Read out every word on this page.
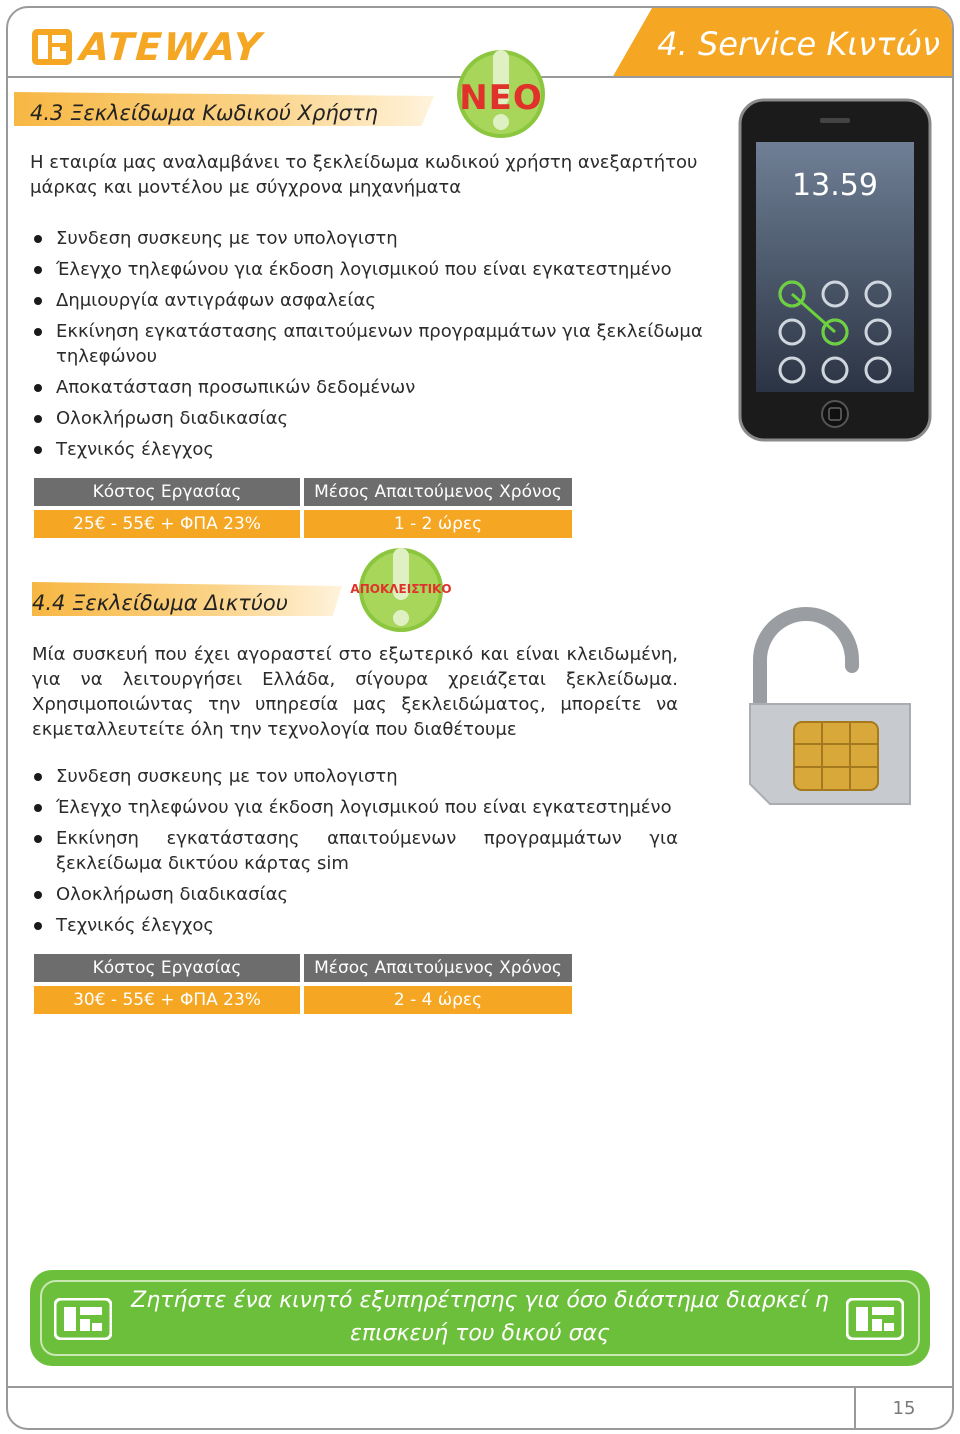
ATEWAY	4. Service Κιντών
4.3 Ξεκλείδωμα Κωδικού Χρήστη	ΝΕΟ
Η εταιρία μας αναλαμβάνει το ξεκλείδωμα κωδικού χρήστη ανεξαρτήτου μάρκας και μοντέλου με σύγχρονα μηχανήματα
Συνδεση συσκευης με τον υπολογιστη
Έλεγχο τηλεφώνου για έκδοση λογισμικού που είναι εγκατεστημένο
Δημιουργία αντιγράφων ασφαλείας
Εκκίνηση εγκατάστασης απαιτούμενων προγραμμάτων για ξεκλείδωμα τηλεφώνου
Αποκατάσταση προσωπικών δεδομένων
Ολοκλήρωση διαδικασίας
Τεχνικός έλεγχος
Κόστος Εργασίας	Μέσος Απαιτούμενος Χρόνος
25€ - 55€ + ΦΠΑ 23%	1 - 2 ώρες
13.59
4.4 Ξεκλείδωμα Δικτύου
ΑΠΟΚΛΕΙΣΤΙΚΟ
Μία συσκευή που έχει αγοραστεί στο εξωτερικό και είναι κλειδωμένη, για να λειτουργήσει Ελλάδα, σίγουρα χρειάζεται ξεκλείδωμα. Χρησιμοποιώντας την υπηρεσία μας ξεκλειδώματος, μπορείτε να εκμεταλλευτείτε όλη την τεχνολογία που διαθέτουμε
Συνδεση συσκευης με τον υπολογιστη
Έλεγχο τηλεφώνου για έκδοση λογισμικού που είναι εγκατεστημένο
Εκκίνηση εγκατάστασης απαιτούμενων προγραμμάτων για ξεκλείδωμα δικτύου κάρτας sim
Ολοκλήρωση διαδικασίας
Τεχνικός έλεγχος
Κόστος Εργασίας	Μέσος Απαιτούμενος Χρόνος
30€ - 55€ + ΦΠΑ 23%	2 - 4 ώρες
Ζητήστε ένα κινητό εξυπηρέτησης για όσο διάστημα διαρκεί η επισκευή του δικού σας
15
